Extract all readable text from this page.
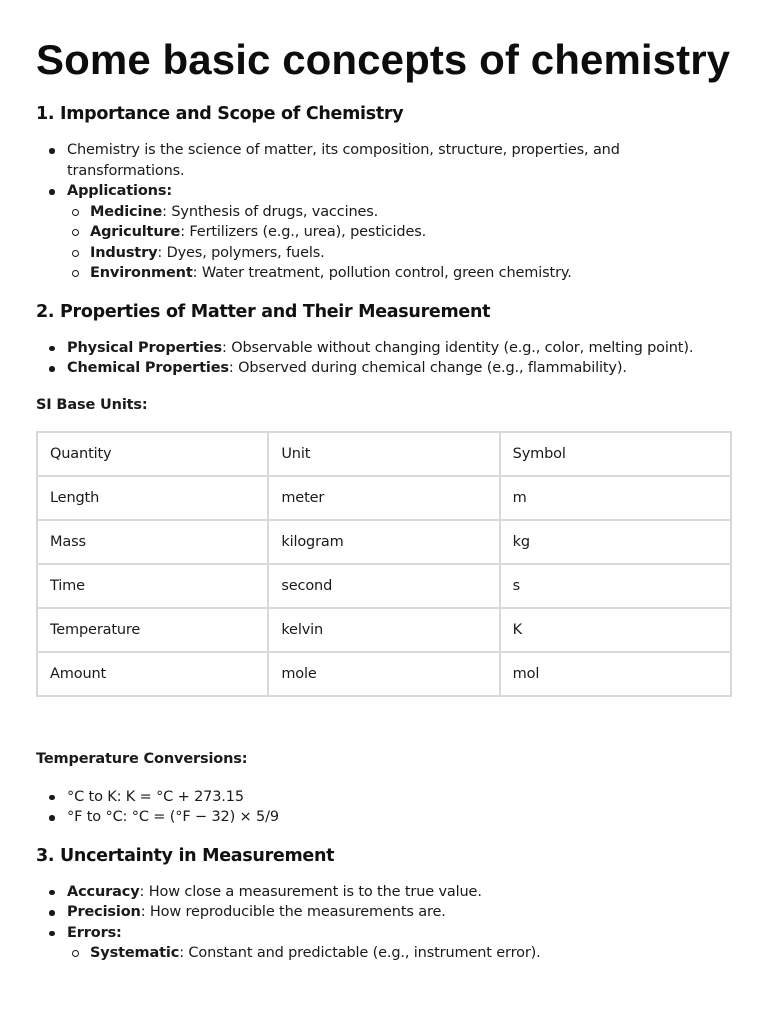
Some basic concepts of chemistry
1. Importance and Scope of Chemistry
Chemistry is the science of matter, its composition, structure, properties, and transformations.
Applications:
Medicine: Synthesis of drugs, vaccines.
Agriculture: Fertilizers (e.g., urea), pesticides.
Industry: Dyes, polymers, fuels.
Environment: Water treatment, pollution control, green chemistry.
2. Properties of Matter and Their Measurement
Physical Properties: Observable without changing identity (e.g., color, melting point).
Chemical Properties: Observed during chemical change (e.g., flammability).
SI Base Units:
Quantity	Unit	Symbol
Length	meter	m
Mass	kilogram	kg
Time	second	s
Temperature	kelvin	K
Amount	mole	mol
Temperature Conversions:
°C to K: K = °C + 273.15
°F to °C: °C = (°F − 32) × 5/9
3. Uncertainty in Measurement
Accuracy: How close a measurement is to the true value.
Precision: How reproducible the measurements are.
Errors:
Systematic: Constant and predictable (e.g., instrument error).
